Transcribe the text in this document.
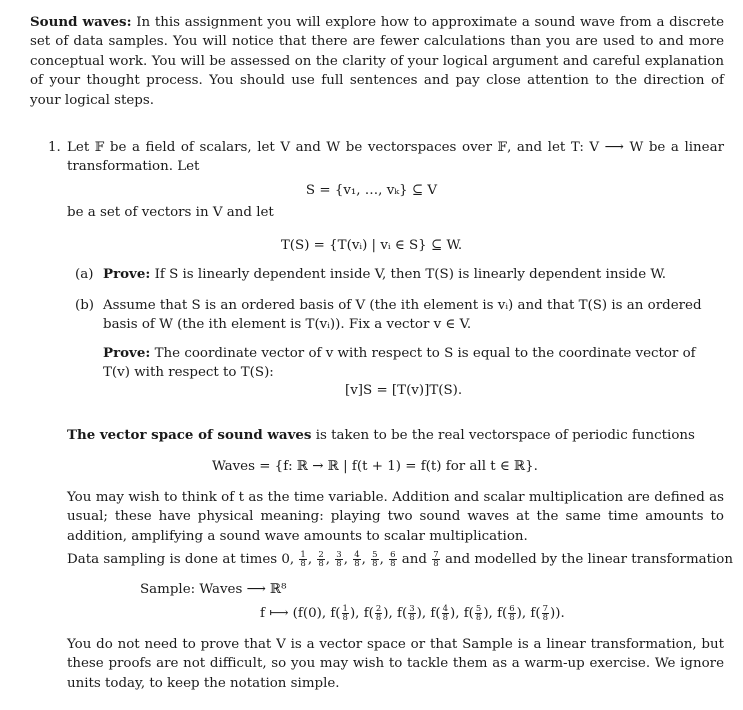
Sound waves: In this assignment you will explore how to approximate a sound wave from a discrete set of data samples. You will notice that there are fewer calculations than you are used to and more conceptual work. You will be assessed on the clarity of your logical argument and careful explanation of your thought process. You should use full sentences and pay close attention to the direction of your logical steps.

1. Let 𝔽 be a field of scalars, let V and W be vectorspaces over 𝔽, and let T: V ⟶ W be a linear transformation. Let

S = {v₁, …, vₖ} ⊆ V
be a set of vectors in V and let
T(S) = {T(vᵢ) | vᵢ ∈ S} ⊆ W.
(a) Prove: If S is linearly dependent inside V, then T(S) is linearly dependent inside W.
(b) Assume that S is an ordered basis of V (the ith element is vᵢ) and that T(S) is an ordered
basis of W (the ith element is T(vᵢ)). Fix a vector v ∈ V.
Prove: The coordinate vector of v with respect to S is equal to the coordinate vector of
T(v) with respect to T(S):
[v]S = [T(v)]T(S).
The vector space of sound waves is taken to be the real vectorspace of periodic functions
Waves = {f: ℝ → ℝ | f(t + 1) = f(t) for all t ∈ ℝ}.

You may wish to think of t as the time variable. Addition and scalar multiplication are defined as usual; these have physical meaning: playing two sound waves at the same time amounts to addition, amplifying a sound wave amounts to scalar multiplication.

Data sampling is done at times 0, $\frac{1}{8}$ , $\frac{2}{8}$ , $\frac{3}{8}$ , $\frac{4}{8}$ , $\frac{5}{8}$ , $\frac{6}{8}$ and $\frac{7}{8}$ and modelled by the linear transformation
Sample: Waves ⟶ ℝ⁸
f ⟼ (f(0), $f( \frac{1}{8}$ ), $f( \frac{2}{8}$ ), $f( \frac{3}{8}$ ), $f( \frac{4}{8}$ ), $f( \frac{5}{8}$ ), $f( \frac{6}{8}$ ), $f( \frac{7}{8}$ )).

You do not need to prove that V is a vector space or that Sample is a linear transformation, but these proofs are not difficult, so you may wish to tackle them as a warm-up exercise. We ignore units today, to keep the notation simple.
